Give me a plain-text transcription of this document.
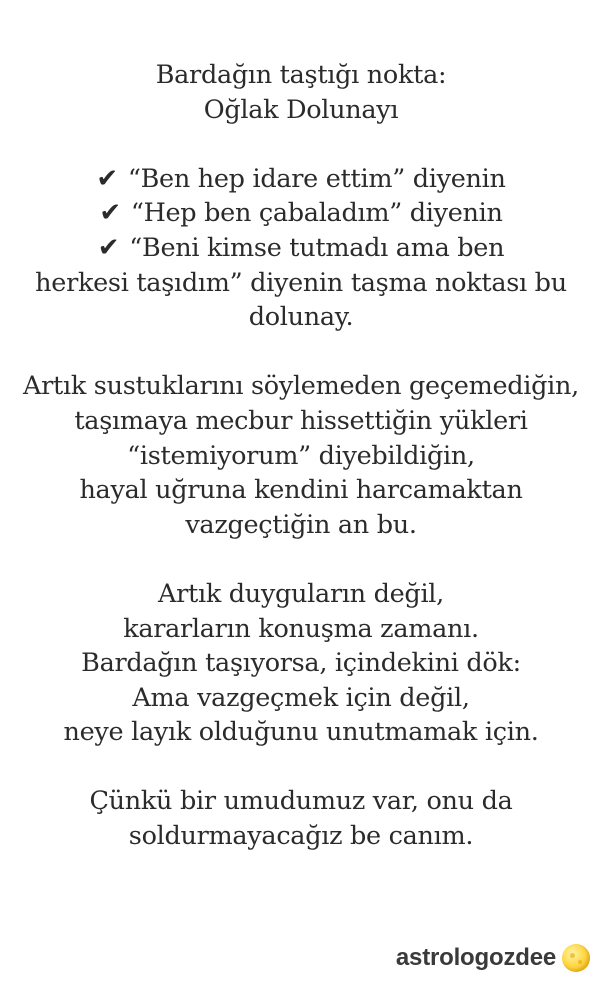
Bardağın taştığı nokta:
Oğlak Dolunayı
✔ “Ben hep idare ettim” diyenin
✔ “Hep ben çabaladım” diyenin
✔ “Beni kimse tutmadı ama ben
herkesi taşıdım” diyenin taşma noktası bu
dolunay.
Artık sustuklarını söylemeden geçemediğin,
taşımaya mecbur hissettiğin yükleri
“istemiyorum” diyebildiğin,
hayal uğruna kendini harcamaktan
vazgeçtiğin an bu.
Artık duyguların değil,
kararların konuşma zamanı.
Bardağın taşıyorsa, içindekini dök:
Ama vazgeçmek için değil,
neye layık olduğunu unutmamak için.
Çünkü bir umudumuz var, onu da
soldurmayacağız be canım.
astrologozdee
